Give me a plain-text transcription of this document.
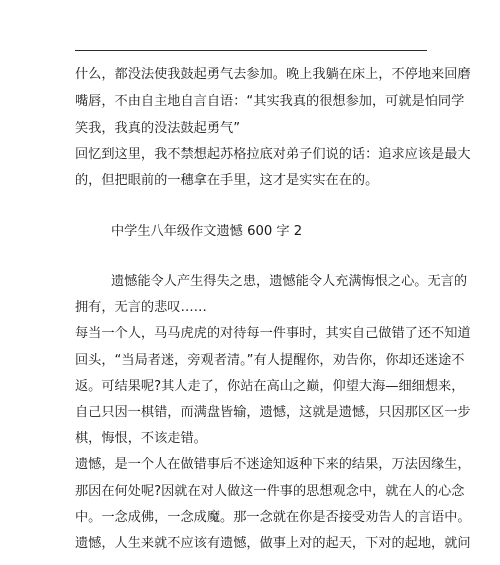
什么，都没法使我鼓起勇气去参加。晚上我躺在床上，不停地来回磨
嘴唇，不由自主地自言自语：“其实我真的很想参加，可就是怕同学
笑我，我真的没法鼓起勇气”
回忆到这里，我不禁想起苏格拉底对弟子们说的话：追求应该是最大
的，但把眼前的一穗拿在手里，这才是实实在在的。
中学生八年级作文遗憾 600 字 2
遗憾能令人产生得失之患，遗憾能令人充满悔恨之心。无言的
拥有，无言的悲叹……
每当一个人，马马虎虎的对待每一件事时，其实自己做错了还不知道
回头，“当局者迷，旁观者清。”有人提醒你，劝告你，你却还迷途不
返。可结果呢?其人走了，你站在高山之巅，仰望大海—细细想来，
自己只因一棋错，而满盘皆输，遗憾，这就是遗憾，只因那区区一步
棋，悔恨，不该走错。
遗憾，是一个人在做错事后不迷途知返种下来的结果，万法因缘生，
那因在何处呢?因就在对人做这一件事的思想观念中，就在人的心念
中。一念成佛，一念成魔。那一念就在你是否接受劝告人的言语中。
遗憾，人生来就不应该有遗憾，做事上对的起天，下对的起地，就问
